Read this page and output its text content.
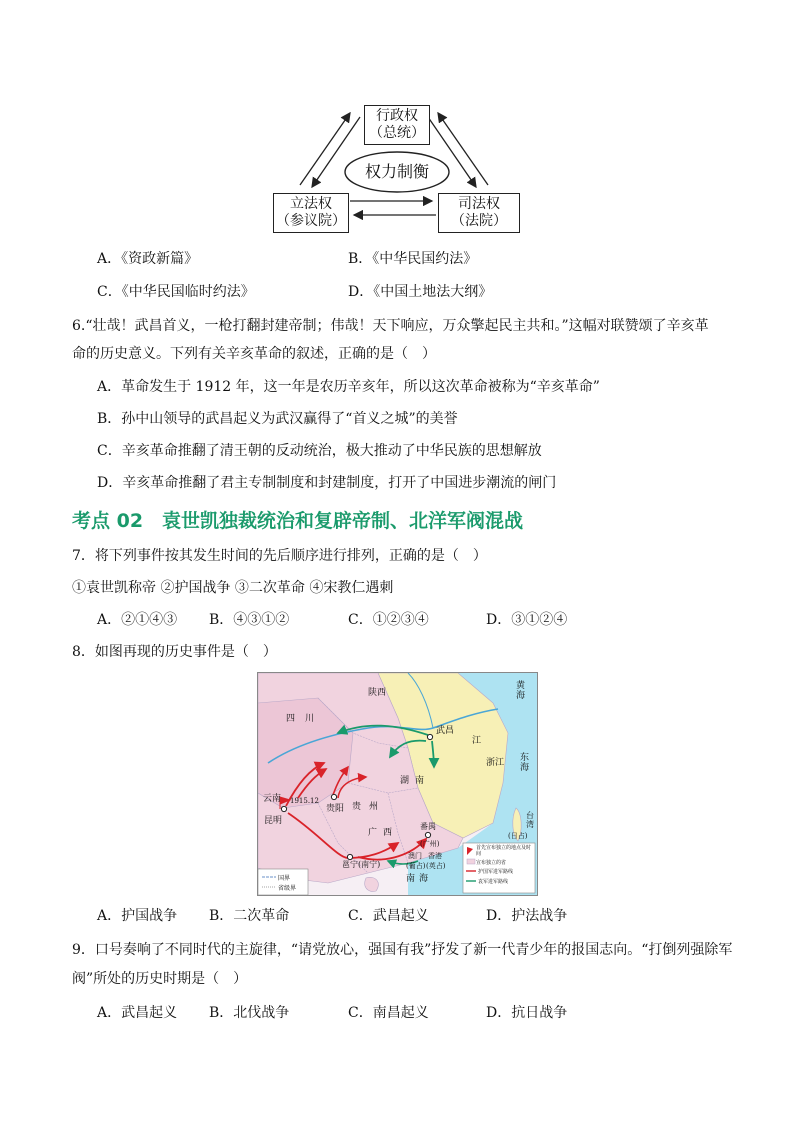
行政权
（总统）
立法权
（参议院）
司法权
（法院）
权力制衡
A．《资政新篇》	B．《中华民国约法》
C．《中华民国临时约法》	D．《中国土地法大纲》
6.“壮哉！武昌首义，一枪打翻封建帝制；伟哉！天下响应，万众擎起民主共和。”这幅对联赞颂了辛亥革
命的历史意义。下列有关辛亥革命的叙述，正确的是（　）
A．革命发生于 1912 年，这一年是农历辛亥年，所以这次革命被称为“辛亥革命”
B．孙中山领导的武昌起义为武汉赢得了“首义之城”的美誉
C．辛亥革命推翻了清王朝的反动统治，极大推动了中华民族的思想解放
D．辛亥革命推翻了君主专制制度和封建制度，打开了中国进步潮流的闸门
考点 02　袁世凯独裁统治和复辟帝制、北洋军阀混战
7．将下列事件按其发生时间的先后顺序进行排列，正确的是（　）
①袁世凯称帝 ②护国战争 ③二次革命 ④宋教仁遇刺
A．②①④③ B．④③①②	C．①②③④	D．③①②④
8．如图再现的历史事件是（　）
陕西
四川
湖南
贵州
云南
广西
浙江
江
黄海
东海
南海
台湾
(日占)
武昌
贵阳
昆明
1915.12
邕宁(南宁)
番禺
(广州)
澳门
(葡占)
香港
(英占)
首先宣布独立的地点及时间
宣布独立的省
护国军进军路线
袁军进军路线
国界
省级界
A．护国战争 B．二次革命	C．武昌起义	D．护法战争
9．口号奏响了不同时代的主旋律，“请党放心，强国有我”抒发了新一代青少年的报国志向。“打倒列强除军
阀”所处的历史时期是（　）
A．武昌起义 B．北伐战争	C．南昌起义	D．抗日战争
